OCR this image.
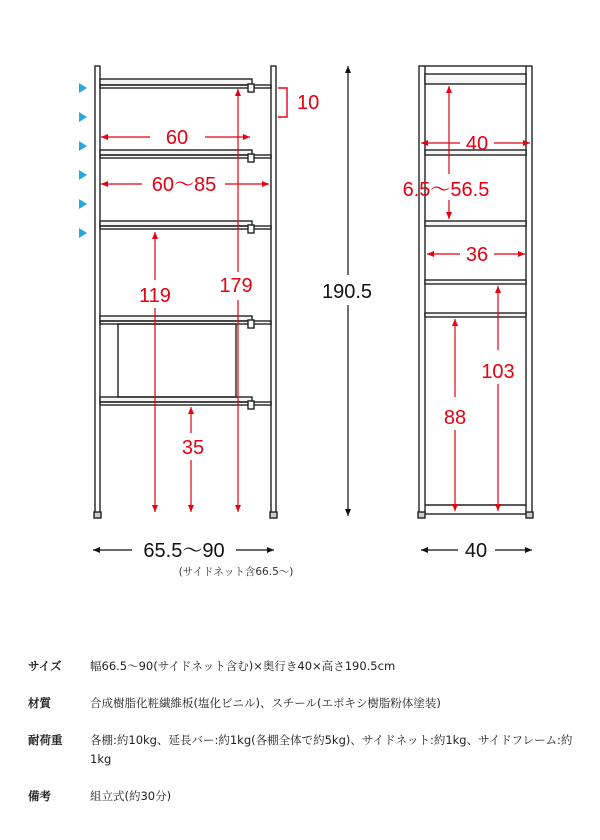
10
60
60〜85
119 179
35
65.5〜90
(サイドネット含66.5〜)
190.5
40
6.5〜56.5
36
103
88
40
サイズ	幅66.5〜90(サイドネット含む)×奥行き40×高さ190.5cm
材質	合成樹脂化粧繊維板(塩化ビニル)、スチール(エポキシ樹脂粉体塗装)
耐荷重	各棚:約10kg、延長バー:約1kg(各棚全体で約5kg)、サイドネット:約1kg、サイドフレーム:約1kg
備考	組立式(約30分)
